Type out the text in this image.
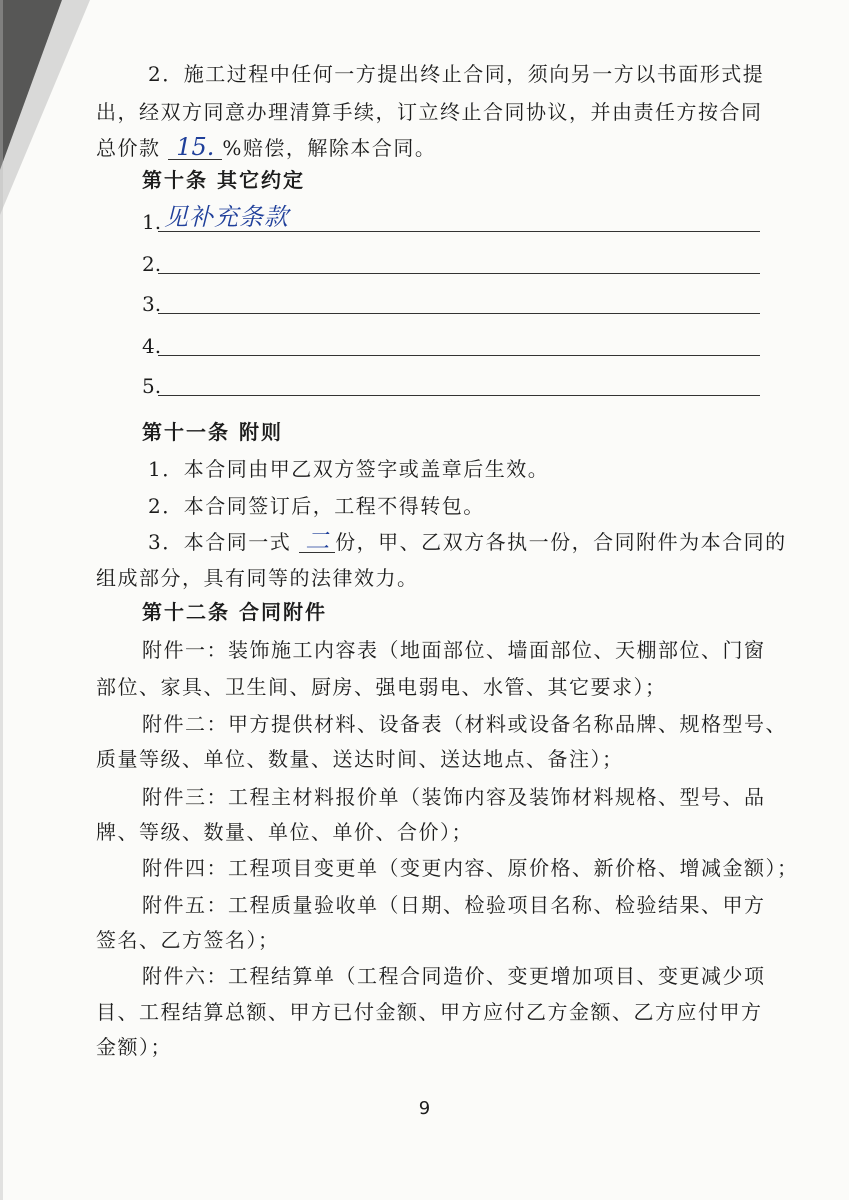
2．施工过程中任何一方提出终止合同，须向另一方以书面形式提
出，经双方同意办理清算手续，订立终止合同协议，并由责任方按合同
总价款 15. %赔偿，解除本合同。
第十条 其它约定
1. 见补充条款
2.
3.
4.
5.
第十一条 附则
1．本合同由甲乙双方签字或盖章后生效。
2．本合同签订后，工程不得转包。
3．本合同一式 二 份，甲、乙双方各执一份，合同附件为本合同的
组成部分，具有同等的法律效力。
第十二条 合同附件
附件一：装饰施工内容表（地面部位、墙面部位、天棚部位、门窗
部位、家具、卫生间、厨房、强电弱电、水管、其它要求）；
附件二：甲方提供材料、设备表（材料或设备名称品牌、规格型号、
质量等级、单位、数量、送达时间、送达地点、备注）；
附件三：工程主材料报价单（装饰内容及装饰材料规格、型号、品
牌、等级、数量、单位、单价、合价）；
附件四：工程项目变更单（变更内容、原价格、新价格、增减金额）；
附件五：工程质量验收单（日期、检验项目名称、检验结果、甲方
签名、乙方签名）；
附件六：工程结算单（工程合同造价、变更增加项目、变更减少项
目、工程结算总额、甲方已付金额、甲方应付乙方金额、乙方应付甲方
金额）；
9
